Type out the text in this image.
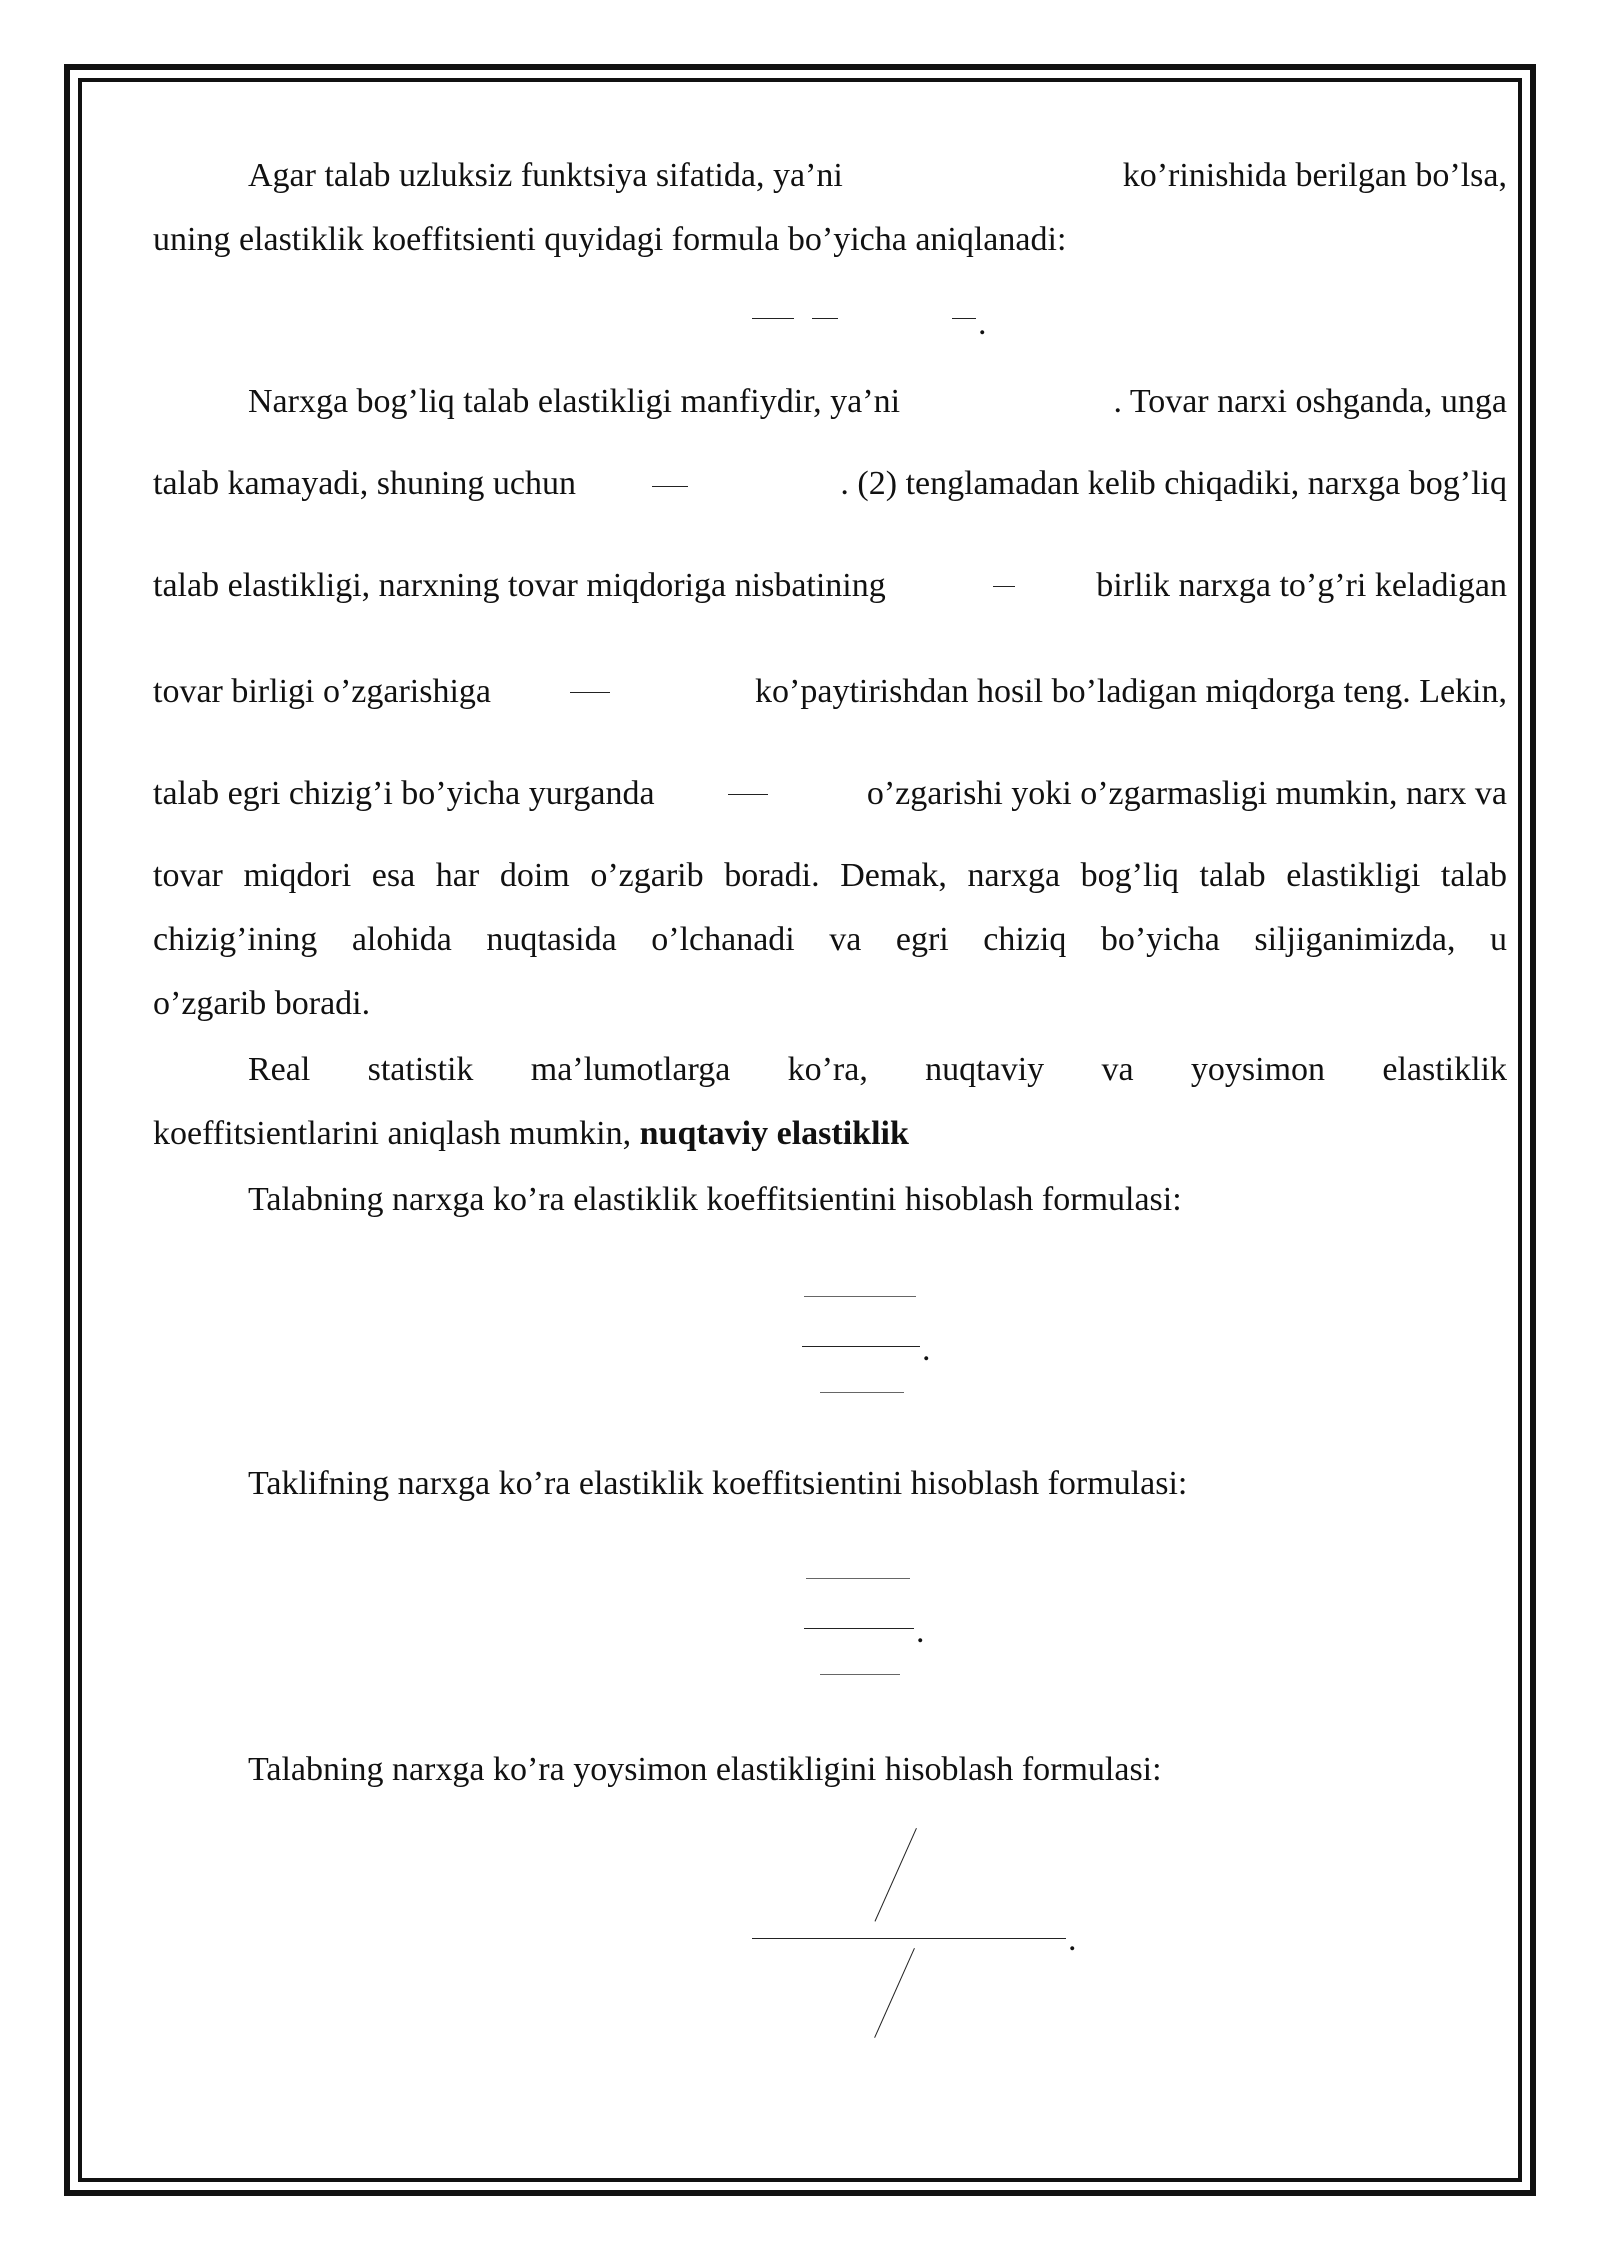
Agar talab uzluksiz funktsiya sifatida, ya’ni	ko’rinishida berilgan bo’lsa,
uning elastiklik koeffitsienti quyidagi formula bo’yicha aniqlanadi:
.
Narxga bog’liq talab elastikligi manfiydir, ya’ni	. Tovar narxi oshganda, unga
talab kamayadi, shuning uchun	. (2) tenglamadan kelib chiqadiki, narxga bog’liq
talab elastikligi, narxning tovar miqdoriga nisbatining	birlik narxga to’g’ri keladigan
tovar birligi o’zgarishiga	ko’paytirishdan hosil bo’ladigan miqdorga teng. Lekin,
talab egri chizig’i bo’yicha yurganda	o’zgarishi yoki o’zgarmasligi mumkin, narx va
tovar miqdori esa har doim o’zgarib boradi. Demak, narxga bog’liq talab elastikligi talab
chizig’ining alohida nuqtasida o’lchanadi va egri chiziq bo’yicha siljiganimizda, u
o’zgarib boradi.
Real statistik ma’lumotlarga ko’ra, nuqtaviy va yoysimon elastiklik
koeffitsientlarini aniqlash mumkin, nuqtaviy elastiklik
Talabning narxga ko’ra elastiklik koeffitsientini hisoblash formulasi:
.
Taklifning narxga ko’ra elastiklik koeffitsientini hisoblash formulasi:
.
Talabning narxga ko’ra yoysimon elastikligini hisoblash formulasi:
.
